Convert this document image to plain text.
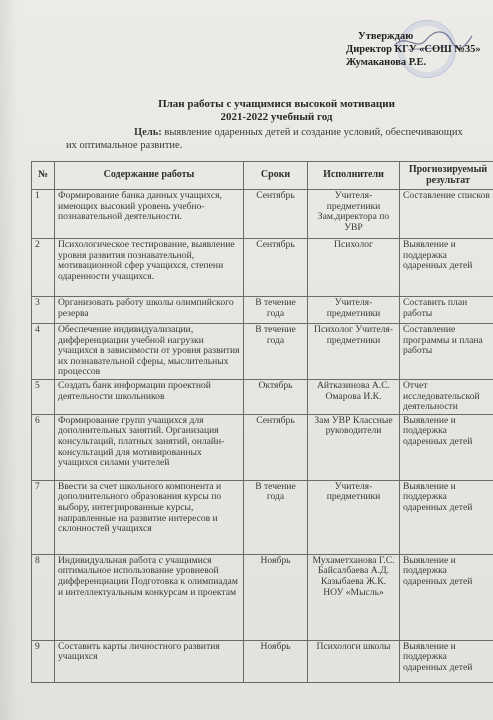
Утверждаю
Директор КГУ «СОШ №35»
Жумаканова Р.Е.
План работы с учащимися высокой мотивации
2021-2022 учебный год
Цель: выявление одаренных детей и создание условий, обеспечивающих их оптимальное развитие.
№	Содержание работы	Сроки	Исполнители	Прогнозируемый результат
1	Формирование банка данных учащихся, имеющих высокий уровень учебно-познавательной деятельности.	Сентябрь	Учителя-предметники Зам.директора по УВР	Составление списков
2	Психологическое тестирование, выявление уровня развития познавательной, мотивационной сфер учащихся, степени одаренности учащихся.	Сентябрь	Психолог	Выявление и поддержка одаренных детей
3	Организовать работу школы олимпийского резерва	В течение года	Учителя-предметники	Составить план работы
4	Обеспечение индивидуализации, дифференциации учебной нагрузки учащихся в зависимости от уровня развития их познавательной сферы, мыслительных процессов	В течение года	Психолог Учителя-предметники	Составление программы и плана работы
5	Создать банк информации проектной деятельности школьников	Октябрь	Айтказинова А.С. Омарова И.К.	Отчет исследовательской деятельности
6	Формирование групп учащихся для дополнительных занятий. Организация консультаций, платных занятий, онлайн-консультаций для мотивированных учащихся силами учителей	Сентябрь	Зам УВР Классные руководители	Выявление и поддержка одаренных детей
7	Ввести за счет школьного компонента и дополнительного образования курсы по выбору, интегрированные курсы, направленные на развитие интересов и склонностей учащихся	В течение года	Учителя-предметники	Выявление и поддержка одаренных детей
8	Индивидуальная работа с учащимися оптимальное использование уровневой дифференциации Подготовка к олимпиадам и интеллектуальным конкурсам и проектам	Ноябрь	Мухаметханова Г.С. Байсалбаева А.Д. Казыбаева Ж.К. НОУ «Мысль»	Выявление и поддержка одаренных детей
9	Составить карты личностного развития учащихся	Ноябрь	Психологи школы	Выявление и поддержка одаренных детей
